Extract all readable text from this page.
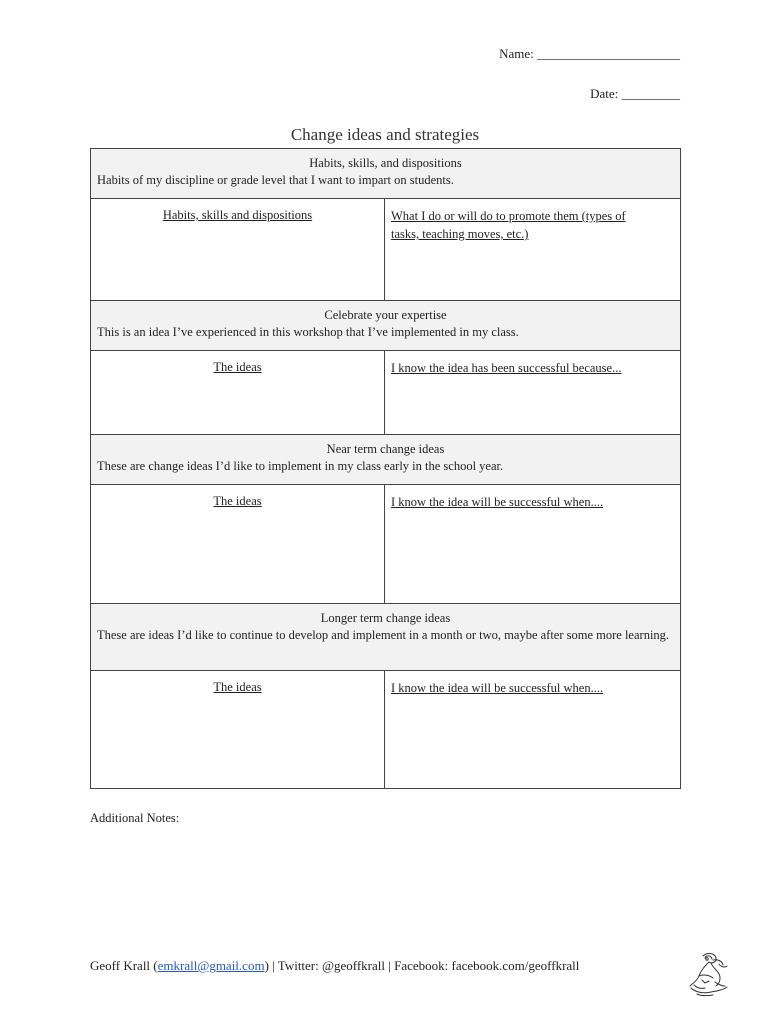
Name: ______________________
Date: _________
Change ideas and strategies
Habits, skills, and dispositions
Habits of my discipline or grade level that I want to impart on students.
Habits, skills and dispositions	What I do or will do to promote them (types of tasks, teaching moves, etc.)
Celebrate your expertise
This is an idea I’ve experienced in this workshop that I’ve implemented in my class.
The ideas	I know the idea has been successful because...
Near term change ideas
These are change ideas I’d like to implement in my class early in the school year.
The ideas	I know the idea will be successful when....
Longer term change ideas
These are ideas I’d like to continue to develop and implement in a month or two, maybe after some more learning.
The ideas	I know the idea will be successful when....
Additional Notes:
Geoff Krall (emkrall@gmail.com) | Twitter: @geoffkrall | Facebook: facebook.com/geoffkrall
